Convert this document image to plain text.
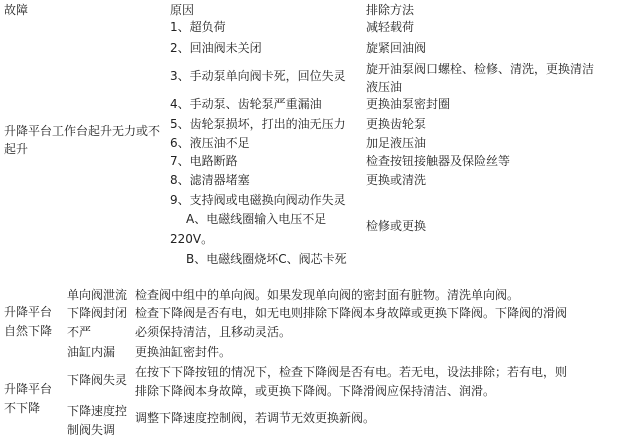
故障	原因	排除方法
升降平台工作台起升无力或不
起升
1、超负荷
2、回油阀未关闭
3、手动泵单向阀卡死，回位失灵
4、手动泵、齿轮泵严重漏油
5、齿轮泵损坏，打出的油无压力
6、液压油不足
7、电路断路
8、滤清器堵塞
9、支持阀或电磁换向阀动作失灵
A、电磁线圈输入电压不足
220V。
B、电磁线圈烧坏C、阀芯卡死
减轻载荷
旋紧回油阀
旋开油泵阀口螺栓、检修、清洗，更换清洁
液压油
更换油泵密封圈
更换齿轮泵
加足液压油
检查按钮接触器及保险丝等
更换或清洗
检修或更换
升降平台
自然下降
单向阀泄流 检查阀中组中的单向阀。如果发现单向阀的密封面有脏物。清洗单向阀。
下降阀封闭
不严
检查下降阀是否有电，如无电则排除下降阀本身故障或更换下降阀。下降阀的滑阀
必须保持清洁，且移动灵活。
油缸内漏 更换油缸密封件。
升降平台
不下降
下降阀失灵
在按下下降按钮的情况下，检查下降阀是否有电。若无电，设法排除；若有电，则
排除下降阀本身故障，或更换下降阀。下降滑阀应保持清洁、润滑。
下降速度控
制阀失调
调整下降速度控制阀，若调节无效更换新阀。
